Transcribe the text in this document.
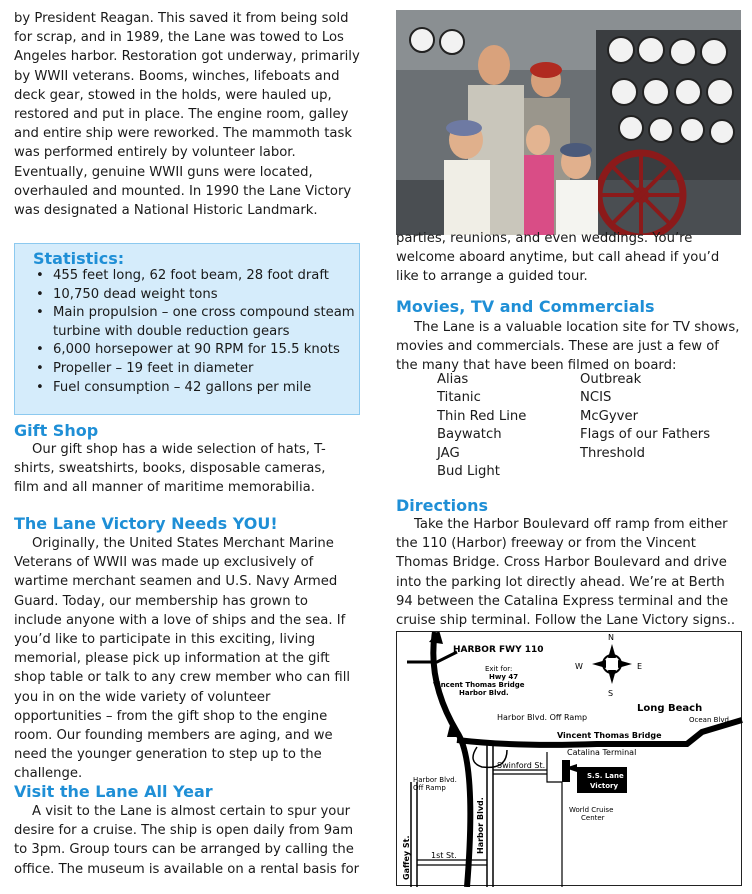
by President Reagan. This saved it from being sold for scrap, and in 1989, the Lane was towed to Los Angeles harbor. Restoration got underway, primarily by WWII veterans. Booms, winches, lifeboats and deck gear, stowed in the holds, were hauled up, restored and put in place. The engine room, galley and entire ship were reworked. The mammoth task was performed entirely by volunteer labor. Eventually, genuine WWII guns were located, overhauled and mounted. In 1990 the Lane Victory was designated a National Historic Landmark.

Statistics:
• 455 feet long, 62 foot beam, 28 foot draft
• 10,750 dead weight tons
• Main propulsion – one cross compound steam turbine with double reduction gears
• 6,000 horsepower at 90 RPM for 15.5 knots
• Propeller – 19 feet in diameter
• Fuel consumption – 42 gallons per mile
Gift Shop

Our gift shop has a wide selection of hats, T-shirts, sweatshirts, books, disposable cameras, film and all manner of maritime memorabilia.

The Lane Victory Needs YOU!

Originally, the United States Merchant Marine Veterans of WWII was made up exclusively of wartime merchant seamen and U.S. Navy Armed Guard. Today, our membership has grown to include anyone with a love of ships and the sea. If you’d like to participate in this exciting, living memorial, please pick up information at the gift shop table or talk to any crew member who can fill you in on the wide variety of volunteer opportunities – from the gift shop to the engine room. Our founding members are aging, and we need the younger generation to step up to the challenge.

Visit the Lane All Year

A visit to the Lane is almost certain to spur your desire for a cruise. The ship is open daily from 9am to 3pm. Group tours can be arranged by calling the office. The museum is available on a rental basis for

parties, reunions, and even weddings. You’re welcome aboard anytime, but call ahead if you’d like to arrange a guided tour.

Movies, TV and Commercials

The Lane is a valuable location site for TV shows, movies and commercials. These are just a few of the many that have been filmed on board:

Alias
Titanic
Thin Red Line
Baywatch
JAG
Bud Light
Outbreak
NCIS
McGyver
Flags of our Fathers
Threshold
Directions

Take the Harbor Boulevard off ramp from either the 110 (Harbor) freeway or from the Vincent Thomas Bridge. Cross Harbor Boulevard and drive into the parking lot directly ahead. We’re at Berth 94 between the Catalina Express terminal and the cruise ship terminal. Follow the Lane Victory signs..

N
S
E
W
HARBOR FWY 110
Exit for:
Hwy 47
Vincent Thomas Bridge
Harbor Blvd.
Long Beach
Ocean Blvd
Harbor Blvd. Off Ramp
Vincent Thomas Bridge
Catalina Terminal
Swinford St.
S.S. Lane
Victory
Harbor Blvd.
Off Ramp
World Cruise
Center
Harbor Blvd.
Gaffey St.	1st St.
